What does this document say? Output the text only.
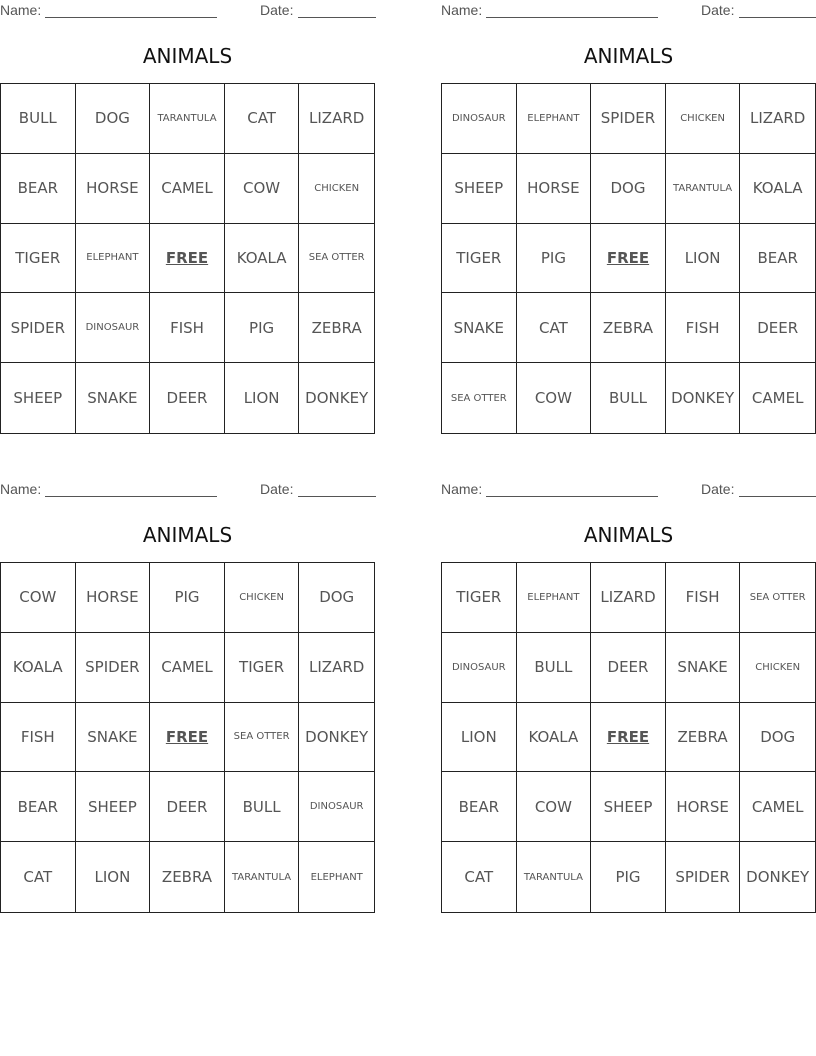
Name:	Date:
ANIMALS
BULL	DOG	TARANTULA	CAT	LIZARD
BEAR	HORSE	CAMEL	COW	CHICKEN
TIGER	ELEPHANT	FREE	KOALA	SEA OTTER
SPIDER	DINOSAUR	FISH	PIG	ZEBRA
SHEEP	SNAKE	DEER	LION	DONKEY
Name:	Date:
ANIMALS
DINOSAUR	ELEPHANT	SPIDER	CHICKEN	LIZARD
SHEEP	HORSE	DOG	TARANTULA	KOALA
TIGER	PIG	FREE	LION	BEAR
SNAKE	CAT	ZEBRA	FISH	DEER
SEA OTTER	COW	BULL	DONKEY	CAMEL
Name:	Date:
ANIMALS
COW	HORSE	PIG	CHICKEN	DOG
KOALA	SPIDER	CAMEL	TIGER	LIZARD
FISH	SNAKE	FREE	SEA OTTER	DONKEY
BEAR	SHEEP	DEER	BULL	DINOSAUR
CAT	LION	ZEBRA	TARANTULA	ELEPHANT
Name:	Date:
ANIMALS
TIGER	ELEPHANT	LIZARD	FISH	SEA OTTER
DINOSAUR	BULL	DEER	SNAKE	CHICKEN
LION	KOALA	FREE	ZEBRA	DOG
BEAR	COW	SHEEP	HORSE	CAMEL
CAT	TARANTULA	PIG	SPIDER	DONKEY
